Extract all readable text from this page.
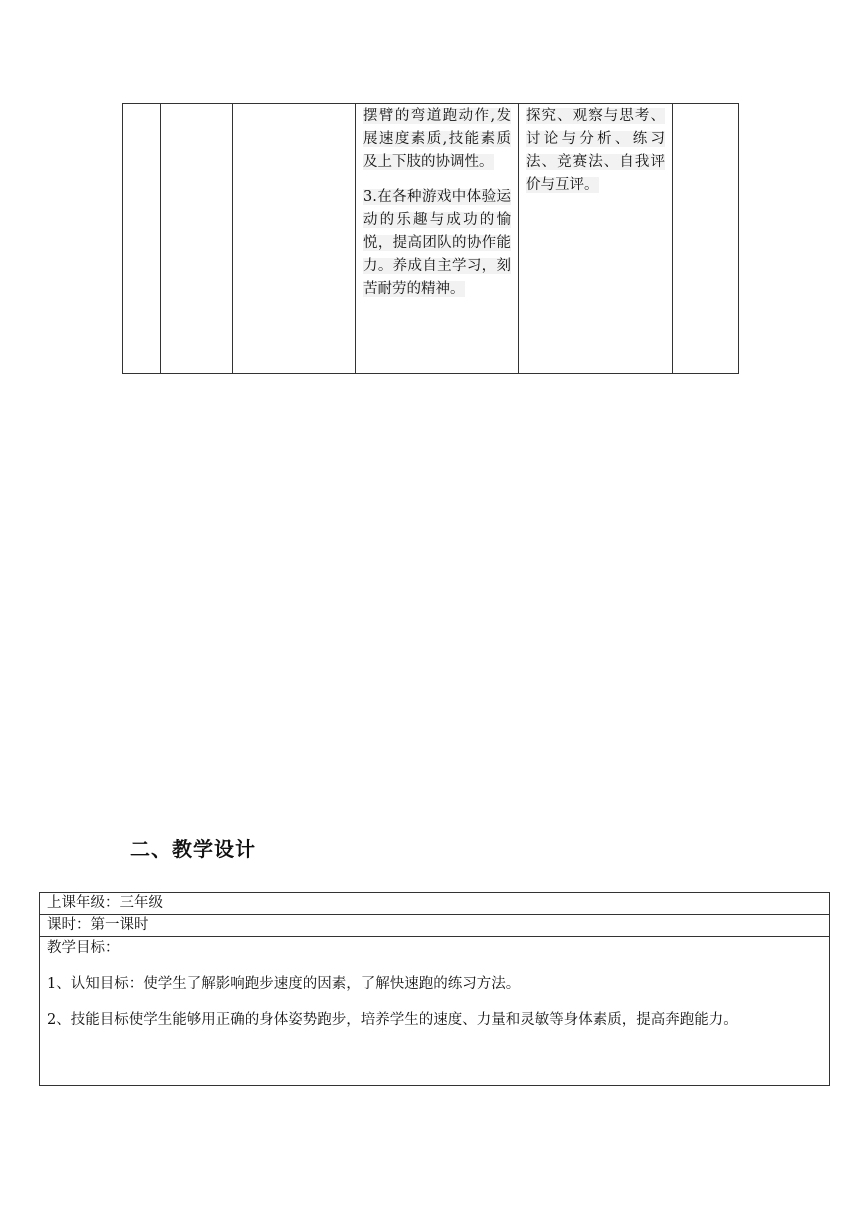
摆臂的弯道跑动作,发展速度素质,技能素质及上下肢的协调性。
3.在各种游戏中体验运动的乐趣与成功的愉悦，提高团队的协作能力。养成自主学习，刻苦耐劳的精神。

探究、观察与思考、讨论与分析、练习法、竞赛法、自我评价与互评。

二、教学设计
上课年级：三年级
课时：第一课时

教学目标：

1、认知目标：使学生了解影响跑步速度的因素，了解快速跑的练习方法。

2、技能目标使学生能够用正确的身体姿势跑步，培养学生的速度、力量和灵敏等身体素质，提高奔跑能力。
